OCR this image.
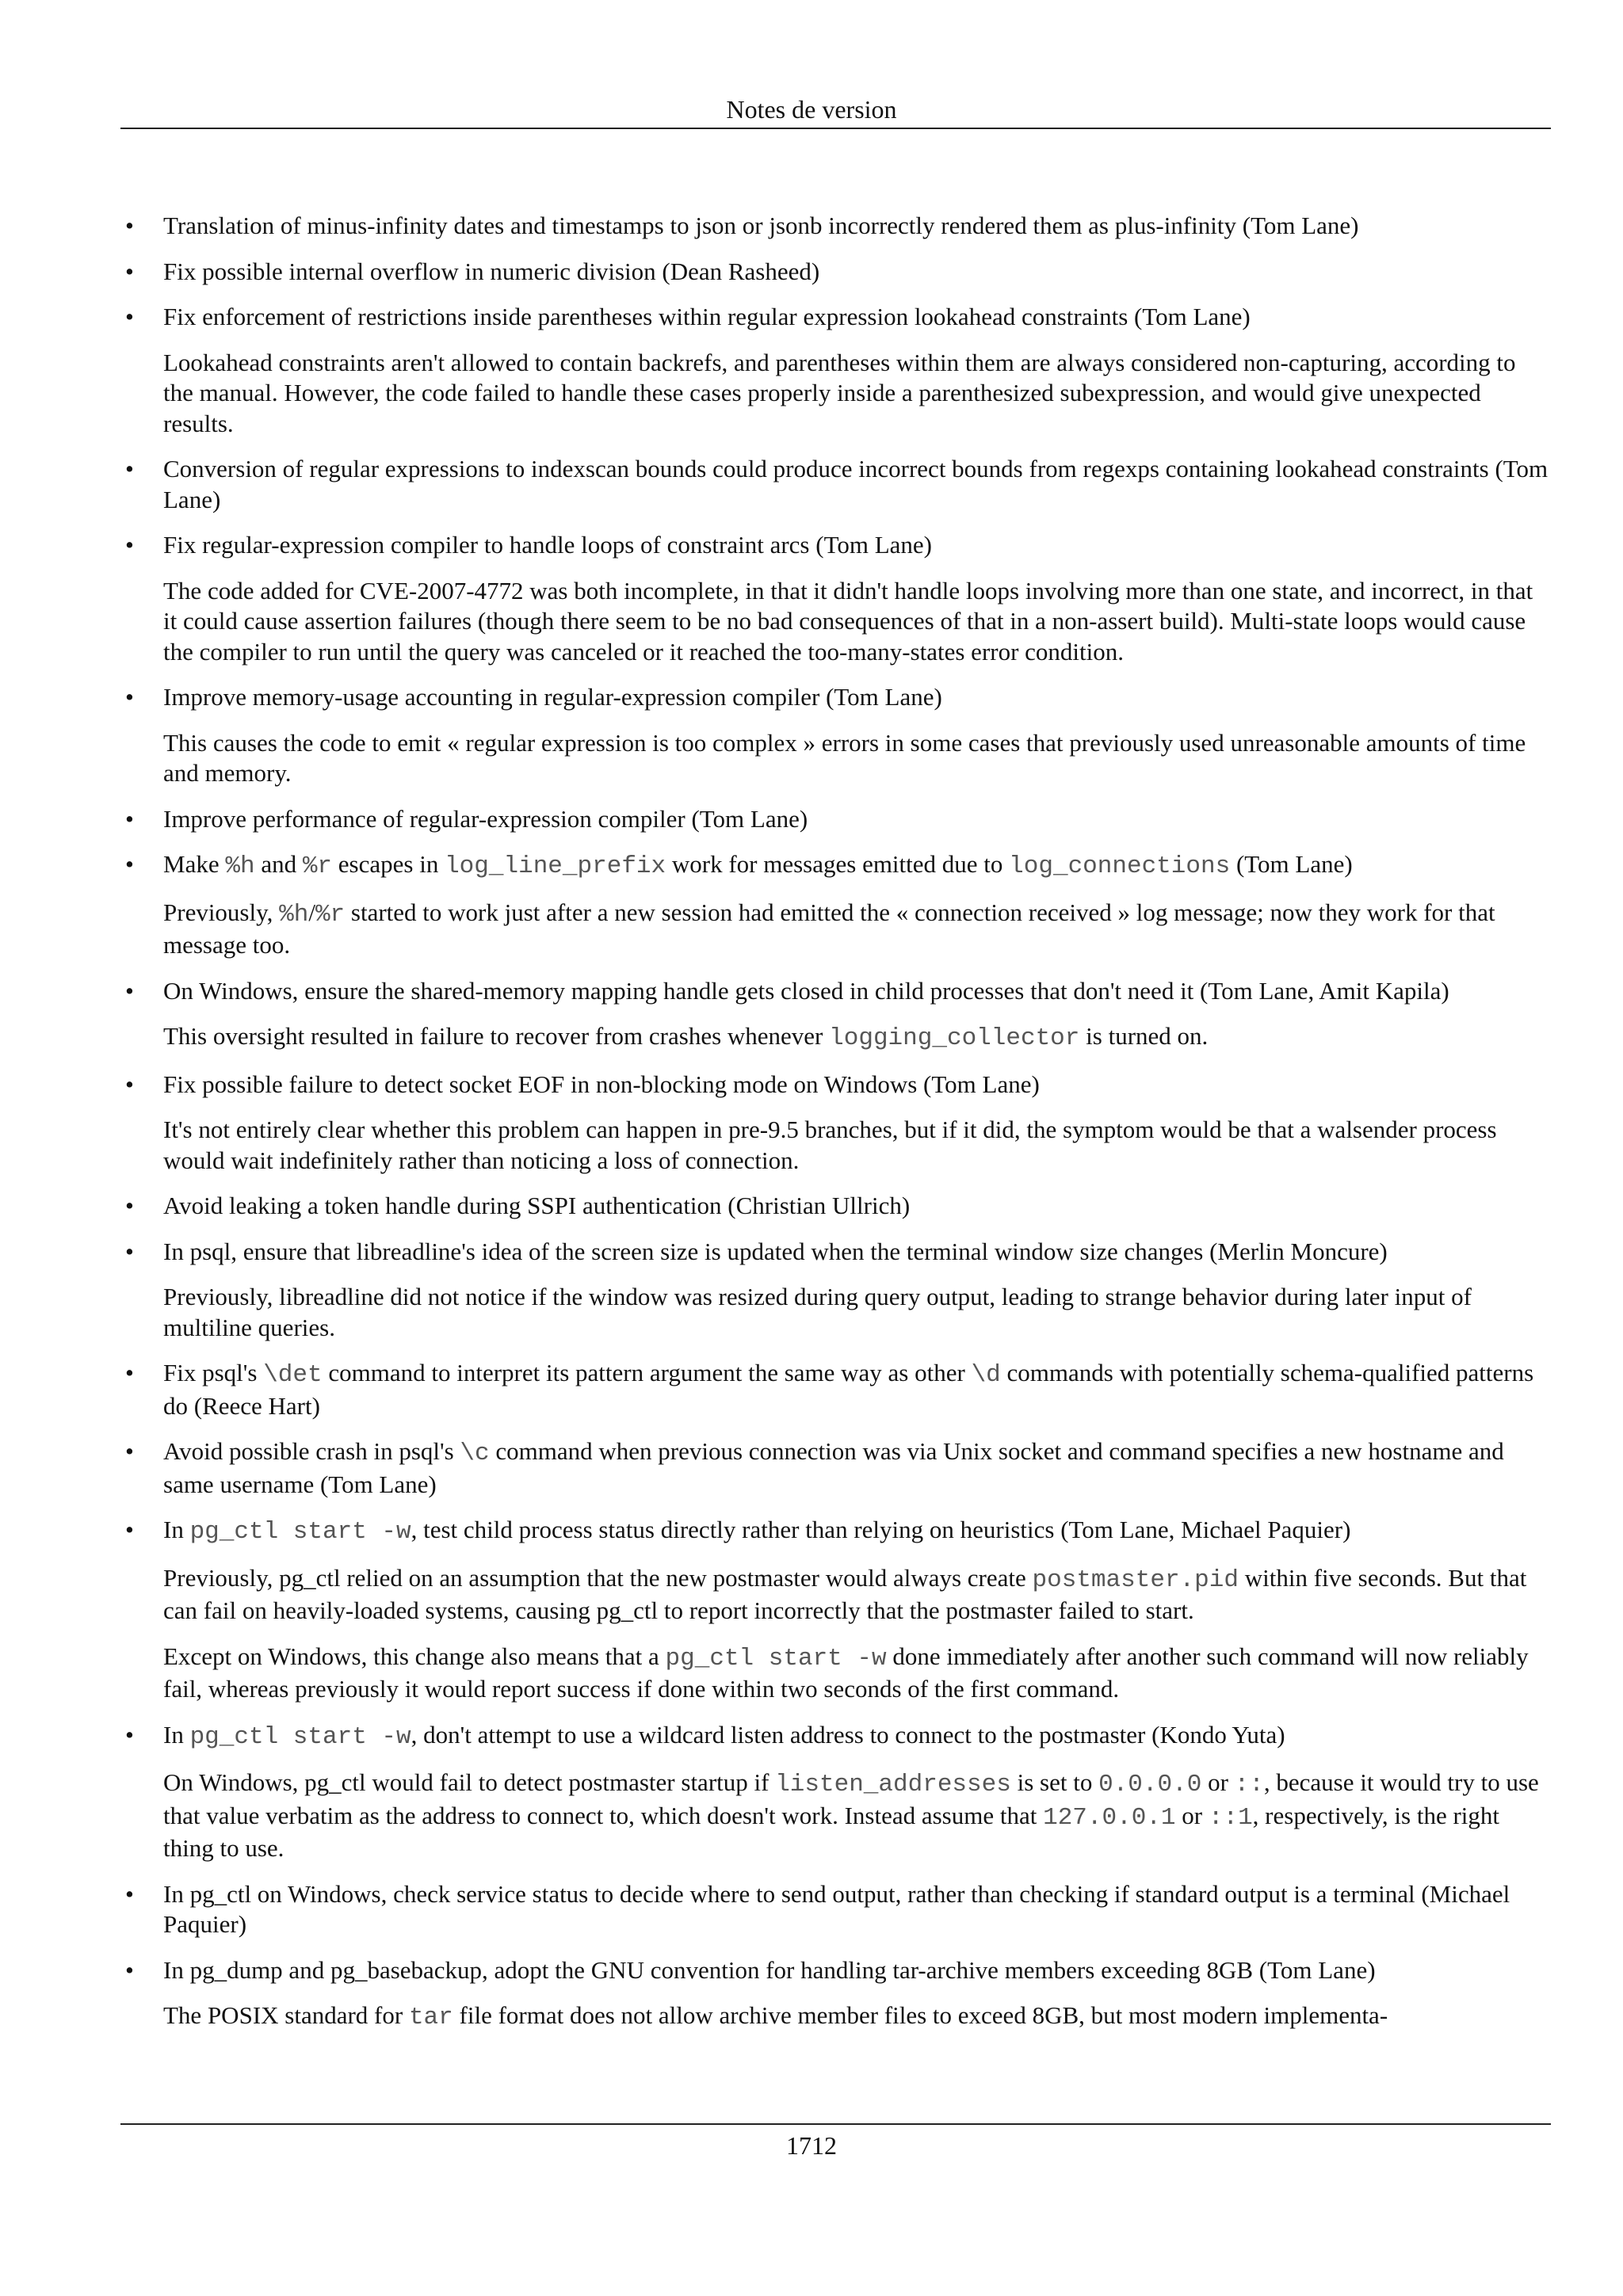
Notes de version
• Translation of minus-infinity dates and timestamps to json or jsonb incorrectly rendered them as plus-infinity (Tom Lane)

• Fix possible internal overflow in numeric division (Dean Rasheed)

• Fix enforcement of restrictions inside parentheses within regular expression lookahead constraints (Tom Lane)

Lookahead constraints aren't allowed to contain backrefs, and parentheses within them are always considered non-capturing, according to the manual. However, the code failed to handle these cases properly inside a parenthesized subexpression, and would give unexpected results.

• Conversion of regular expressions to indexscan bounds could produce incorrect bounds from regexps containing lookahead constraints (Tom Lane)

• Fix regular-expression compiler to handle loops of constraint arcs (Tom Lane)

The code added for CVE-2007-4772 was both incomplete, in that it didn't handle loops involving more than one state, and incorrect, in that it could cause assertion failures (though there seem to be no bad consequences of that in a non-assert build). Multi-state loops would cause the compiler to run until the query was canceled or it reached the too-many-states error condition.

• Improve memory-usage accounting in regular-expression compiler (Tom Lane)

This causes the code to emit « regular expression is too complex » errors in some cases that previously used unreasonable amounts of time and memory.

• Improve performance of regular-expression compiler (Tom Lane)

• Make %h and %r escapes in log_line_prefix work for messages emitted due to log_connections (Tom Lane)

Previously, %h/%r started to work just after a new session had emitted the « connection received » log message; now they work for that message too.

• On Windows, ensure the shared-memory mapping handle gets closed in child processes that don't need it (Tom Lane, Amit Kapila)

This oversight resulted in failure to recover from crashes whenever logging_collector is turned on.

• Fix possible failure to detect socket EOF in non-blocking mode on Windows (Tom Lane)

It's not entirely clear whether this problem can happen in pre-9.5 branches, but if it did, the symptom would be that a walsender process would wait indefinitely rather than noticing a loss of connection.

• Avoid leaking a token handle during SSPI authentication (Christian Ullrich)

• In psql, ensure that libreadline's idea of the screen size is updated when the terminal window size changes (Merlin Moncure)

Previously, libreadline did not notice if the window was resized during query output, leading to strange behavior during later input of multiline queries.

• Fix psql's \det command to interpret its pattern argument the same way as other \d commands with potentially schema-qualified patterns do (Reece Hart)

• Avoid possible crash in psql's \c command when previous connection was via Unix socket and command specifies a new hostname and same username (Tom Lane)

• In pg_ctl start -w, test child process status directly rather than relying on heuristics (Tom Lane, Michael Paquier)

Previously, pg_ctl relied on an assumption that the new postmaster would always create postmaster.pid within five seconds. But that can fail on heavily-loaded systems, causing pg_ctl to report incorrectly that the postmaster failed to start.

Except on Windows, this change also means that a pg_ctl start -w done immediately after another such command will now reliably fail, whereas previously it would report success if done within two seconds of the first command.

• In pg_ctl start -w, don't attempt to use a wildcard listen address to connect to the postmaster (Kondo Yuta)

On Windows, pg_ctl would fail to detect postmaster startup if listen_addresses is set to 0.0.0.0 or ::, because it would try to use that value verbatim as the address to connect to, which doesn't work. Instead assume that 127.0.0.1 or ::1, respectively, is the right thing to use.

• In pg_ctl on Windows, check service status to decide where to send output, rather than checking if standard output is a terminal (Michael Paquier)

• In pg_dump and pg_basebackup, adopt the GNU convention for handling tar-archive members exceeding 8GB (Tom Lane)

The POSIX standard for tar file format does not allow archive member files to exceed 8GB, but most modern implementa-

1712
